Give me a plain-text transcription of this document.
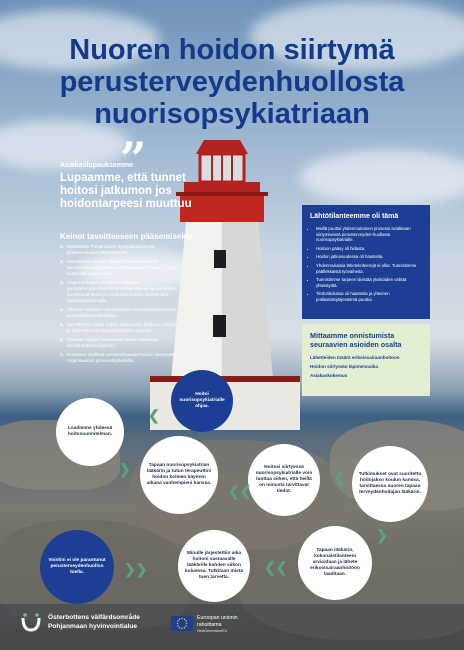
Nuoren hoidon siirtymä
perusterveydenhuollosta
nuorisopsykiatriaan
Asiakaslupauksemme
”
Lupaamme, että tunnet hoitosi jatkumon jos hoidontarpeesi muuttuu
Keinot tavoitteeseen pääsemiseksi
1. Määriteltiin Pohjanmaan hyvinvointialueelle yhdenmukaiset lähetekriteerit.
2. Kartoitetaan nuoren tilanne yhdenmukaisesti perusterveydenhuollossa erikoissairaanhoidon tarpeet kattavalla lausunnolla.
3. Yhdenmukainen ja kattava kartoitus perusterveydenhuollossa kolmas erikoissairaanhoidon tarvitsemat tiedot jo nopeuttaa hoidon aloittamista nuorisopsykiatrialla.
4. Otetaan käyttöön erikoislääkärin konsultaatioprosessi perusterveydenhuoltoon.
5. Tavoitteena saada nopea kannanotto potilaan voinnin ja vähentää erikoissairaanhoidon tarvetta.
6. Mitataan nuoren kokemusta hoidon siirtymän onnistumisesta (kysely).
7. Kuvataan virallinen prosessikuvaus hoidon siirtymästä organisaation prosessityökaluilla.
Lähtötilanteemme oli tämä
• Meillä puuttui yhdenmukainen prosessi asiakkaan siirtymisessä perusterveyden-huollosta nuorisopsykiatrialle.
• Hoitoon pääsy oli hidasta.
• Hoidon jatkuvuudessa oli haasteita.
• Yhdenmukaisia lähetekriteerejä ei ollut. Tunnistimme päällekkäistä työvaiheita.
• Tunnistimme tarpeen tiivistää yksiköiden välistä yhteistyötä.
• Tiedonkulussa oli haasteita ja yhteinen potilastietojärjestelmä puuttui.
Mittaamme onnistumista seuraavien asioiden osalta
Lähetteiden määrä erikoissairaanhoitoon
Hoidon siirtymän läpimenoaika
Asiakaskokemus
Hoitoi nuorisopsykiatrialle ohjaa.
Loadimme yhdessä hoitosuunnitelman.
Tapaan nuorisopsykiatrian lääkärin ja tutun terapeuttini hoidon kolmen käynnin aikana vanhempieni kanssa.
Hoitosi siirtyessä nuorisopsykiatrialle voin luottaa siihen, että heillä on minusta tarvittavat tiedot.
Tutkimukset ovat suoritettu hoitojakso koulun kanssa, tarvittaessa nuoren tapaan terveydenhoitajan lääkärin.
Vointini ei ole parantunut perusterveydenhuollon tuella.
Minulle järjestettiin aika hoitoni vastaavalle lääkärille kahden viikon kuluessa. Tutkitaan mistä tuen tarvetta.
Tapaan lääkärin, kokonaistilanteeni arvioidaan ja lähete erikoissairaanhoitoon laaditaan.
❮
❯
❮❮
❮
❯
❯❯	❮❮
Österbottens välfärdsområde
Pohjanmaan hyvinvointialue
Euroopan unionin
rahoittama
NextGenerationEU
